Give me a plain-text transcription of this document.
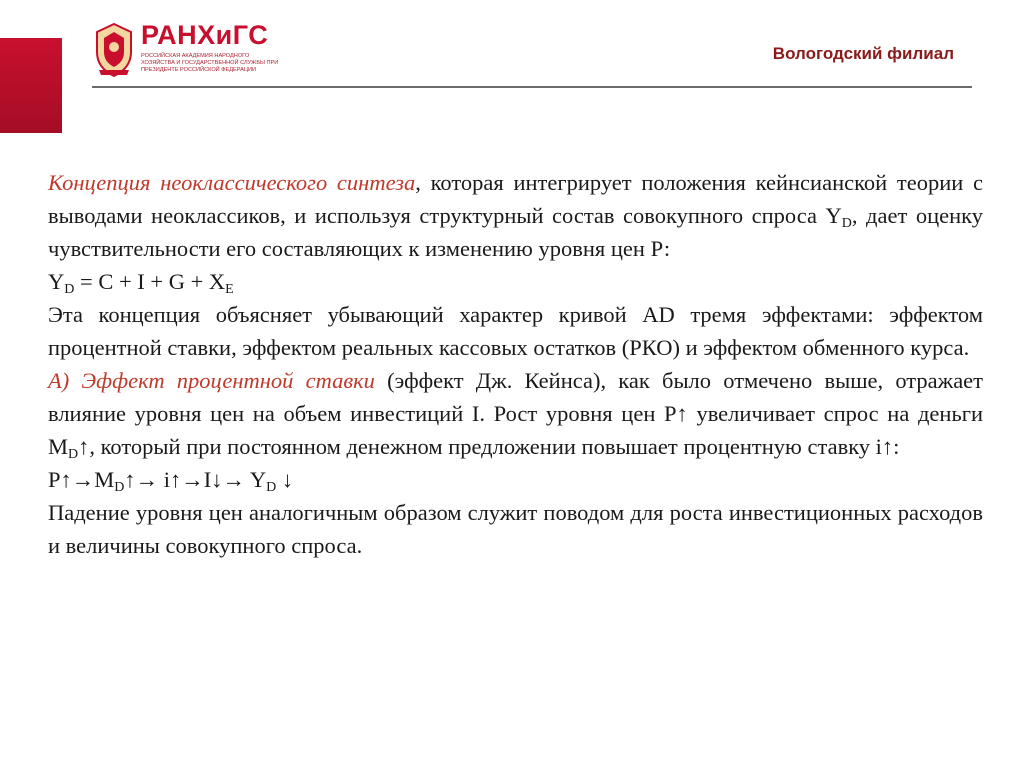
РАНХиГС
РОССИЙСКАЯ АКАДЕМИЯ НАРОДНОГО ХОЗЯЙСТВА И ГОСУДАРСТВЕННОЙ СЛУЖБЫ ПРИ ПРЕЗИДЕНТЕ РОССИЙСКОЙ ФЕДЕРАЦИИ
Вологодский филиал

Концепция неоклассического синтеза, которая интегрирует положения кейнсианской теории с выводами неоклассиков, и используя структурный состав совокупного спроса $Y_D$, дает оценку чувствительности его составляющих к изменению уровня цен Р:

$Y_D = C + I + G + X_E$

Эта концепция объясняет убывающий характер кривой AD тремя эффектами: эффектом процентной ставки, эффектом реальных кассовых остатков (РКО) и эффектом обменного курса.

А) Эффект процентной ставки (эффект Дж. Кейнса), как было отмечено выше, отражает влияние уровня цен на объем инвестиций I. Рост уровня цен P↑ увеличивает спрос на деньги $М_D↑$, который при постоянном денежном предложении повышает процентную ставку i↑:

$P↑\to M_D↑\to$ i↑→I↓→ $Y_D$ ↓

Падение уровня цен аналогичным образом служит поводом для роста инвестиционных расходов и величины совокупного спроса.
